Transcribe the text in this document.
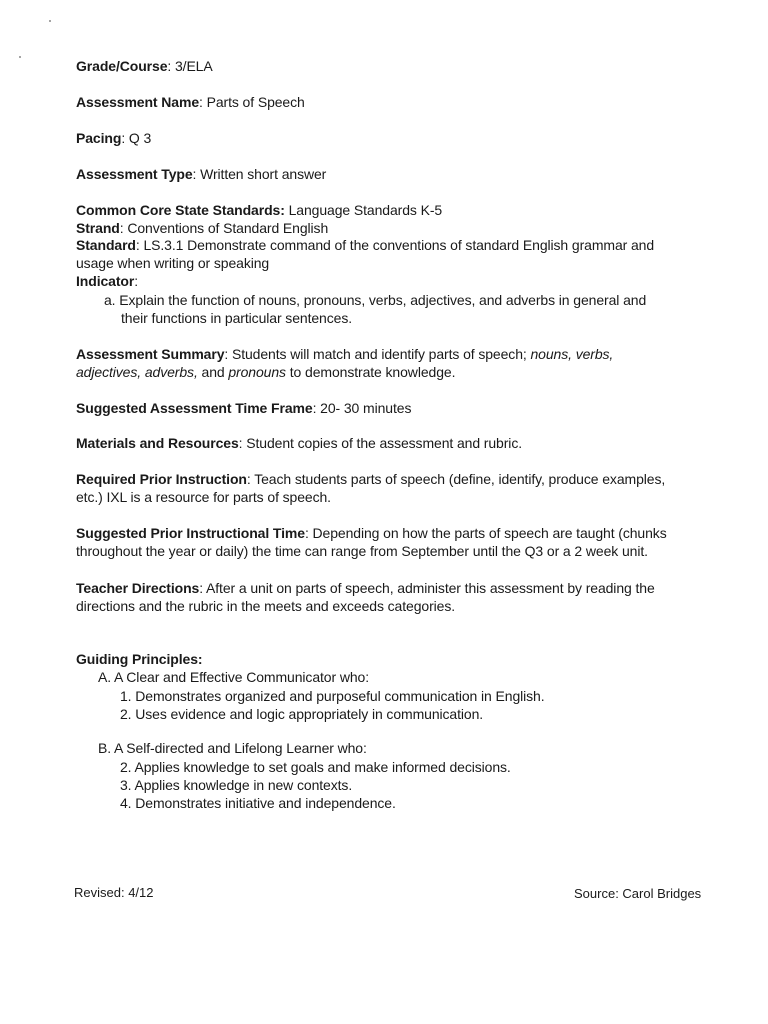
Grade/Course: 3/ELA
Assessment Name: Parts of Speech
Pacing: Q 3
Assessment Type: Written short answer
Common Core State Standards: Language Standards K-5
Strand: Conventions of Standard English
Standard: LS.3.1 Demonstrate command of the conventions of standard English grammar and
usage when writing or speaking
Indicator:
a. Explain the function of nouns, pronouns, verbs, adjectives, and adverbs in general and
their functions in particular sentences.
Assessment Summary: Students will match and identify parts of speech; nouns, verbs,
adjectives, adverbs, and pronouns to demonstrate knowledge.
Suggested Assessment Time Frame: 20- 30 minutes
Materials and Resources: Student copies of the assessment and rubric.
Required Prior Instruction: Teach students parts of speech (define, identify, produce examples,
etc.) IXL is a resource for parts of speech.
Suggested Prior Instructional Time: Depending on how the parts of speech are taught (chunks
throughout the year or daily) the time can range from September until the Q3 or a 2 week unit.
Teacher Directions: After a unit on parts of speech, administer this assessment by reading the
directions and the rubric in the meets and exceeds categories.
Guiding Principles:
A. A Clear and Effective Communicator who:
1. Demonstrates organized and purposeful communication in English.
2. Uses evidence and logic appropriately in communication.
B. A Self-directed and Lifelong Learner who:
2. Applies knowledge to set goals and make informed decisions.
3. Applies knowledge in new contexts.
4. Demonstrates initiative and independence.
Revised: 4/12	Source: Carol Bridges
